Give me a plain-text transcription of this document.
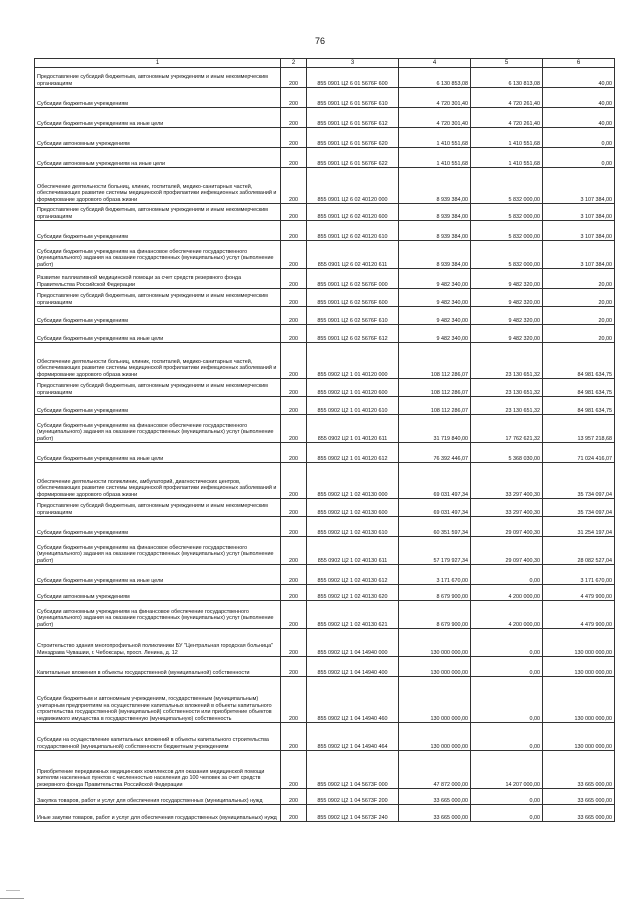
76
1	2	3	4	5	6
Предоставление субсидий бюджетным, автономным учреждениям и иным некоммерческим организациям	200	855 0901 Ц2 6 01 5676F 600	6 130 853,08	6 130 813,08	40,00
Субсидии бюджетным учреждениям	200	855 0901 Ц2 6 01 5676F 610	4 720 301,40	4 720 261,40	40,00
Субсидии бюджетным учреждениям на иные цели	200	855 0901 Ц2 6 01 5676F 612	4 720 301,40	4 720 261,40	40,00
Субсидии автономным учреждениям	200	855 0901 Ц2 6 01 5676F 620	1 410 551,68	1 410 551,68	0,00
Субсидии автономным учреждениям на иные цели	200	855 0901 Ц2 6 01 5676F 622	1 410 551,68	1 410 551,68	0,00
Обеспечение деятельности больниц, клиник, госпиталей, медико-санитарных частей, обеспечивающих развитие системы медицинской профилактики инфекционных заболеваний и формирование здорового образа жизни	200	855 0901 Ц2 6 02 40120 000	8 939 384,00	5 832 000,00	3 107 384,00
Предоставление субсидий бюджетным, автономным учреждениям и иным некоммерческим организациям	200	855 0901 Ц2 6 02 40120 600	8 939 384,00	5 832 000,00	3 107 384,00
Субсидии бюджетным учреждениям	200	855 0901 Ц2 6 02 40120 610	8 939 384,00	5 832 000,00	3 107 384,00
Субсидии бюджетным учреждениям на финансовое обеспечение государственного (муниципального) задания на оказание государственных (муниципальных) услуг (выполнение работ)	200	855 0901 Ц2 6 02 40120 611	8 939 384,00	5 832 000,00	3 107 384,00
Развитие паллиативной медицинской помощи за счет средств резервного фонда Правительства Российской Федерации	200	855 0901 Ц2 6 02 5676F 000	9 482 340,00	9 482 320,00	20,00
Предоставление субсидий бюджетным, автономным учреждениям и иным некоммерческим организациям	200	855 0901 Ц2 6 02 5676F 600	9 482 340,00	9 482 320,00	20,00
Субсидии бюджетным учреждениям	200	855 0901 Ц2 6 02 5676F 610	9 482 340,00	9 482 320,00	20,00
Субсидии бюджетным учреждениям на иные цели	200	855 0901 Ц2 6 02 5676F 612	9 482 340,00	9 482 320,00	20,00
Обеспечение деятельности больниц, клиник, госпиталей, медико-санитарных частей, обеспечивающих развитие системы медицинской профилактики инфекционных заболеваний и формирование здорового образа жизни	200	855 0902 Ц2 1 01 40120 000	108 112 286,07	23 130 651,32	84 981 634,75
Предоставление субсидий бюджетным, автономным учреждениям и иным некоммерческим организациям	200	855 0902 Ц2 1 01 40120 600	108 112 286,07	23 130 651,32	84 981 634,75
Субсидии бюджетным учреждениям	200	855 0902 Ц2 1 01 40120 610	108 112 286,07	23 130 651,32	84 981 634,75
Субсидии бюджетным учреждениям на финансовое обеспечение государственного (муниципального) задания на оказание государственных (муниципальных) услуг (выполнение работ)	200	855 0902 Ц2 1 01 40120 611	31 719 840,00	17 762 621,32	13 957 218,68
Субсидии бюджетным учреждениям на иные цели	200	855 0902 Ц2 1 01 40120 612	76 392 446,07	5 368 030,00	71 024 416,07
Обеспечение деятельности поликлиник, амбулаторий, диагностических центров, обеспечивающих развитие системы медицинской профилактики инфекционных заболеваний и формирование здорового образа жизни	200	855 0902 Ц2 1 02 40130 000	69 031 497,34	33 297 400,30	35 734 097,04
Предоставление субсидий бюджетным, автономным учреждениям и иным некоммерческим организациям	200	855 0902 Ц2 1 02 40130 600	69 031 497,34	33 297 400,30	35 734 097,04
Субсидии бюджетным учреждениям	200	855 0902 Ц2 1 02 40130 610	60 351 597,34	29 097 400,30	31 254 197,04
Субсидии бюджетным учреждениям на финансовое обеспечение государственного (муниципального) задания на оказание государственных (муниципальных) услуг (выполнение работ)	200	855 0902 Ц2 1 02 40130 611	57 179 927,34	29 097 400,30	28 082 527,04
Субсидии бюджетным учреждениям на иные цели	200	855 0902 Ц2 1 02 40130 612	3 171 670,00	0,00	3 171 670,00
Субсидии автономным учреждениям	200	855 0902 Ц2 1 02 40130 620	8 679 900,00	4 200 000,00	4 479 900,00
Субсидии автономным учреждениям на финансовое обеспечение государственного (муниципального) задания на оказание государственных (муниципальных) услуг (выполнение работ)	200	855 0902 Ц2 1 02 40130 621	8 679 900,00	4 200 000,00	4 479 900,00
Строительство здания многопрофильной поликлиники БУ "Центральная городская больница" Минздрава Чувашии, г. Чебоксары, просп. Ленина, д. 12	200	855 0902 Ц2 1 04 14940 000	130 000 000,00	0,00	130 000 000,00
Капитальные вложения в объекты государственной (муниципальной) собственности	200	855 0902 Ц2 1 04 14940 400	130 000 000,00	0,00	130 000 000,00
Субсидии бюджетным и автономным учреждениям, государственным (муниципальным) унитарным предприятиям на осуществление капитальных вложений в объекты капитального строительства государственной (муниципальной) собственности или приобретение объектов недвижимого имущества в государственную (муниципальную) собственность	200	855 0902 Ц2 1 04 14940 460	130 000 000,00	0,00	130 000 000,00
Субсидии на осуществление капитальных вложений в объекты капитального строительства государственной (муниципальной) собственности бюджетным учреждениям	200	855 0902 Ц2 1 04 14940 464	130 000 000,00	0,00	130 000 000,00
Приобретение передвижных медицинских комплексов для оказания медицинской помощи жителям населенных пунктов с численностью населения до 100 человек за счет средств резервного фонда Правительства Российской Федерации	200	855 0902 Ц2 1 04 5673F 000	47 872 000,00	14 207 000,00	33 665 000,00
Закупка товаров, работ и услуг для обеспечения государственных (муниципальных) нужд	200	855 0902 Ц2 1 04 5673F 200	33 665 000,00	0,00	33 665 000,00
Иные закупки товаров, работ и услуг для обеспечения государственных (муниципальных) нужд	200	855 0902 Ц2 1 04 5673F 240	33 665 000,00	0,00	33 665 000,00
